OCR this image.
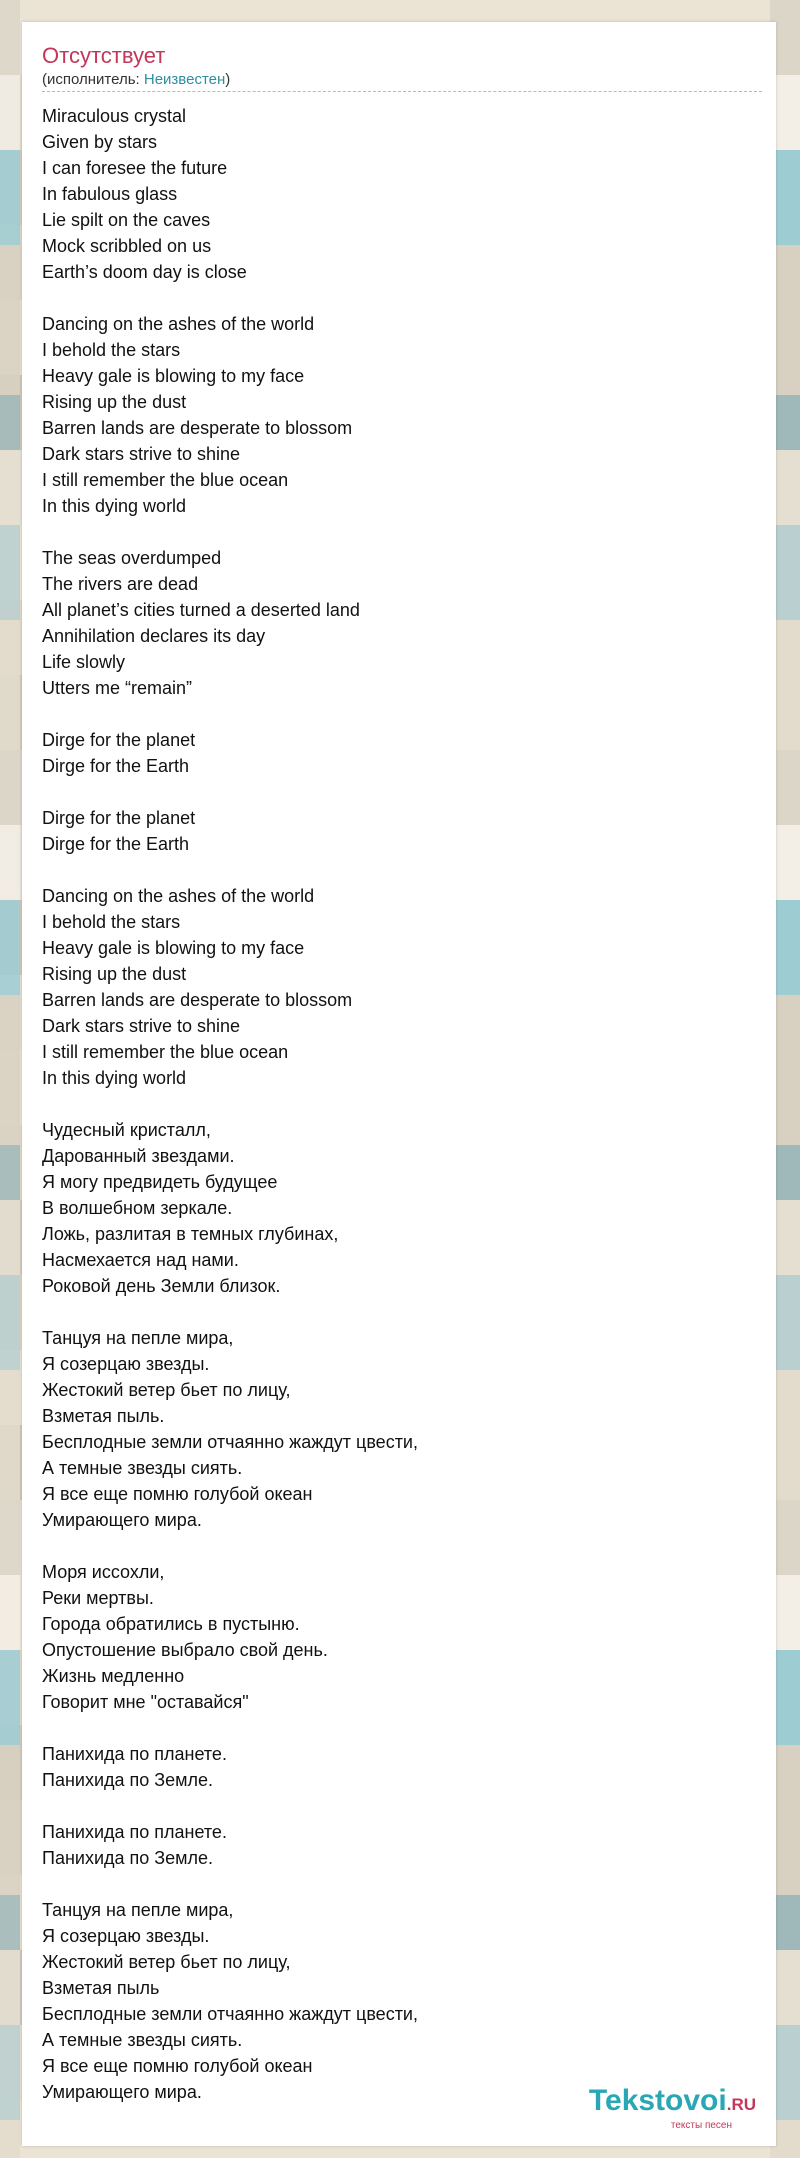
Отсутствует
(исполнитель: Неизвестен)
Miraculous crystal
Given by stars
I can foresee the future
In fabulous glass
Lie spilt on the caves
Mock scribbled on us
Earth’s doom day is close
Dancing on the ashes of the world
I behold the stars
Heavy gale is blowing to my face
Rising up the dust
Barren lands are desperate to blossom
Dark stars strive to shine
I still remember the blue ocean
In this dying world
The seas overdumped
The rivers are dead
All planet’s cities turned a deserted land
Annihilation declares its day
Life slowly
Utters me “remain”
Dirge for the planet
Dirge for the Earth
Dirge for the planet
Dirge for the Earth
Dancing on the ashes of the world
I behold the stars
Heavy gale is blowing to my face
Rising up the dust
Barren lands are desperate to blossom
Dark stars strive to shine
I still remember the blue ocean
In this dying world
Чудесный кристалл,
Дарованный звездами.
Я могу предвидеть будущее
В волшебном зеркале.
Ложь, разлитая в темных глубинах,
Насмехается над нами.
Роковой день Земли близок.
Танцуя на пепле мира,
Я созерцаю звезды.
Жестокий ветер бьет по лицу,
Взметая пыль.
Бесплодные земли отчаянно жаждут цвести,
А темные звезды сиять.
Я все еще помню голубой океан
Умирающего мира.
Моря иссохли,
Реки мертвы.
Города обратились в пустыню.
Опустошение выбрало свой день.
Жизнь медленно
Говорит мне "оставайся"
Панихида по планете.
Панихида по Земле.
Панихида по планете.
Панихида по Земле.
Танцуя на пепле мира,
Я созерцаю звезды.
Жестокий ветер бьет по лицу,
Взметая пыль
Бесплодные земли отчаянно жаждут цвести,
А темные звезды сиять.
Я все еще помню голубой океан
Умирающего мира.	Tekstovoi.RU
тексты песен
